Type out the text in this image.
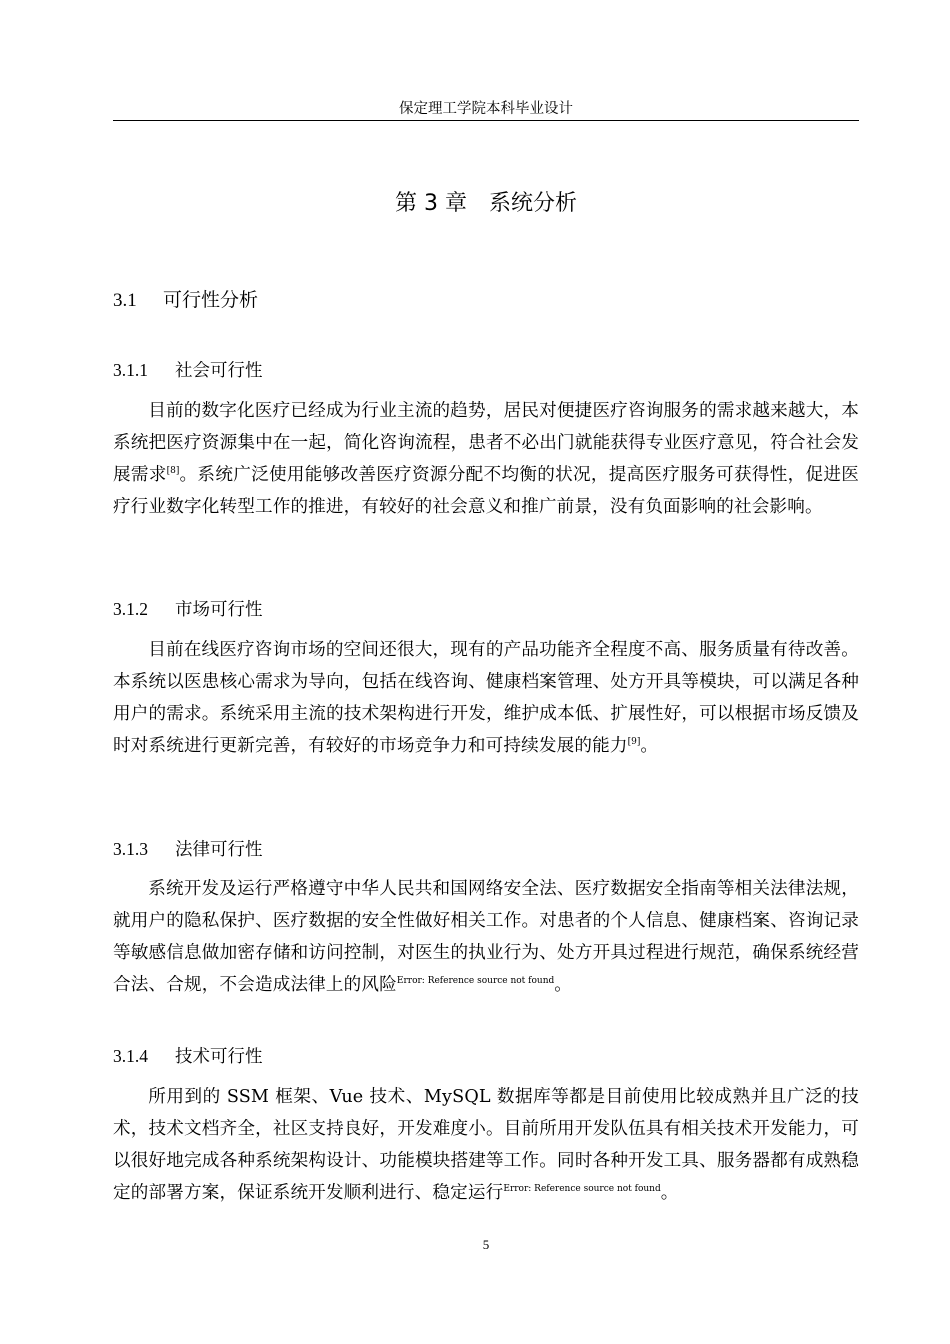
保定理工学院本科毕业设计
第 3 章 系统分析
3.1 可行性分析
3.1.1 社会可行性

目前的数字化医疗已经成为行业主流的趋势，居民对便捷医疗咨询服务的需求越来越大，本系统把医疗资源集中在一起，简化咨询流程，患者不必出门就能获得专业医疗意见，符合社会发展需求[8]。系统广泛使用能够改善医疗资源分配不均衡的状况，提高医疗服务可获得性，促进医疗行业数字化转型工作的推进，有较好的社会意义和推广前景，没有负面影响的社会影响。

3.1.2 市场可行性

目前在线医疗咨询市场的空间还很大，现有的产品功能齐全程度不高、服务质量有待改善。本系统以医患核心需求为导向，包括在线咨询、健康档案管理、处方开具等模块，可以满足各种用户的需求。系统采用主流的技术架构进行开发，维护成本低、扩展性好，可以根据市场反馈及时对系统进行更新完善，有较好的市场竞争力和可持续发展的能力[9]。

3.1.3 法律可行性

系统开发及运行严格遵守中华人民共和国网络安全法、医疗数据安全指南等相关法律法规，就用户的隐私保护、医疗数据的安全性做好相关工作。对患者的个人信息、健康档案、咨询记录等敏感信息做加密存储和访问控制，对医生的执业行为、处方开具过程进行规范，确保系统经营合法、合规，不会造成法律上的风险$^{Error: Reference source not found}$。

3.1.4 技术可行性

所用到的 SSM 框架、Vue 技术、MySQL 数据库等都是目前使用比较成熟并且广泛的技术，技术文档齐全，社区支持良好，开发难度小。目前所用开发队伍具有相关技术开发能力，可以很好地完成各种系统架构设计、功能模块搭建等工作。同时各种开发工具、服务器都有成熟稳定的部署方案，保证系统开发顺利进行、稳定运行$^{Error: Reference source not found}$。

5
